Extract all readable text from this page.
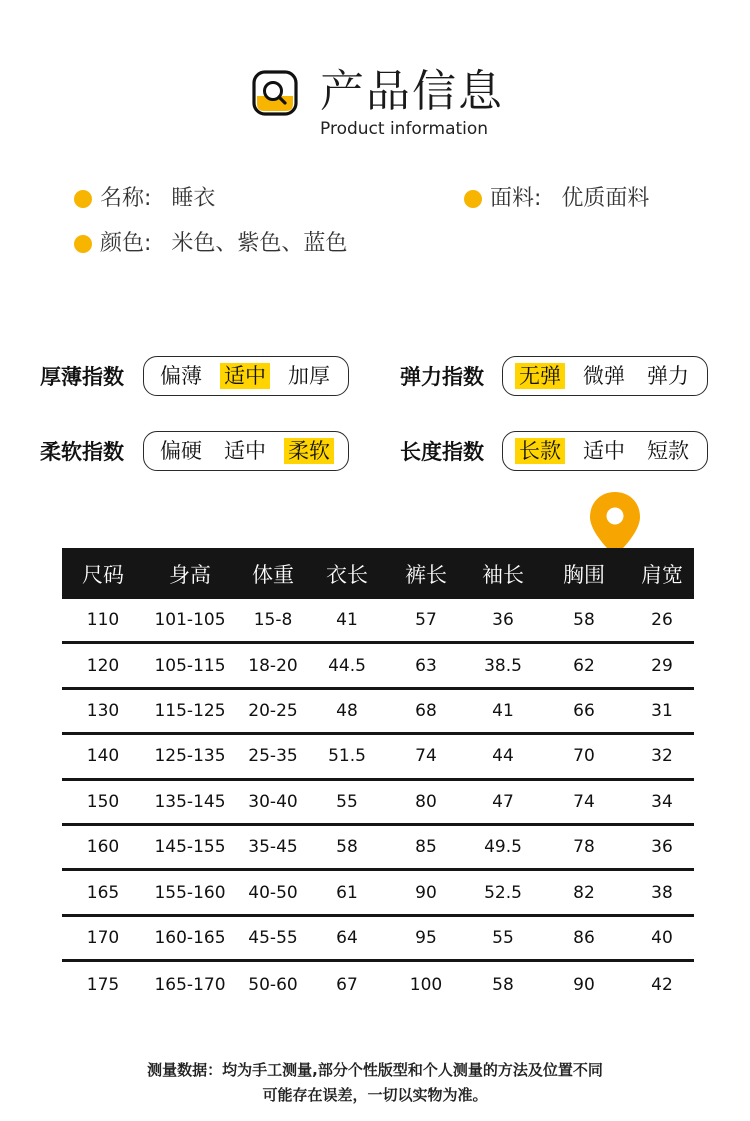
产品信息
Product information
名称: 睡衣	面料: 优质面料
颜色: 米色、紫色、蓝色
厚薄指数 偏薄 适中 加厚	弹力指数 无弹 微弹 弹力
柔软指数 偏硬 适中 柔软	长度指数 长款 适中 短款
尺码	身高	体重	衣长	裤长	袖长	胸围	肩宽
110	101-105	15-8	41	57	36	58	26
120	105-115	18-20	44.5	63	38.5	62	29
130	115-125	20-25	48	68	41	66	31
140	125-135	25-35	51.5	74	44	70	32
150	135-145	30-40	55	80	47	74	34
160	145-155	35-45	58	85	49.5	78	36
165	155-160	40-50	61	90	52.5	82	38
170	160-165	45-55	64	95	55	86	40
175	165-170	50-60	67	100	58	90	42
测量数据：均为手工测量,部分个性版型和个人测量的方法及位置不同
可能存在误差，一切以实物为准。
